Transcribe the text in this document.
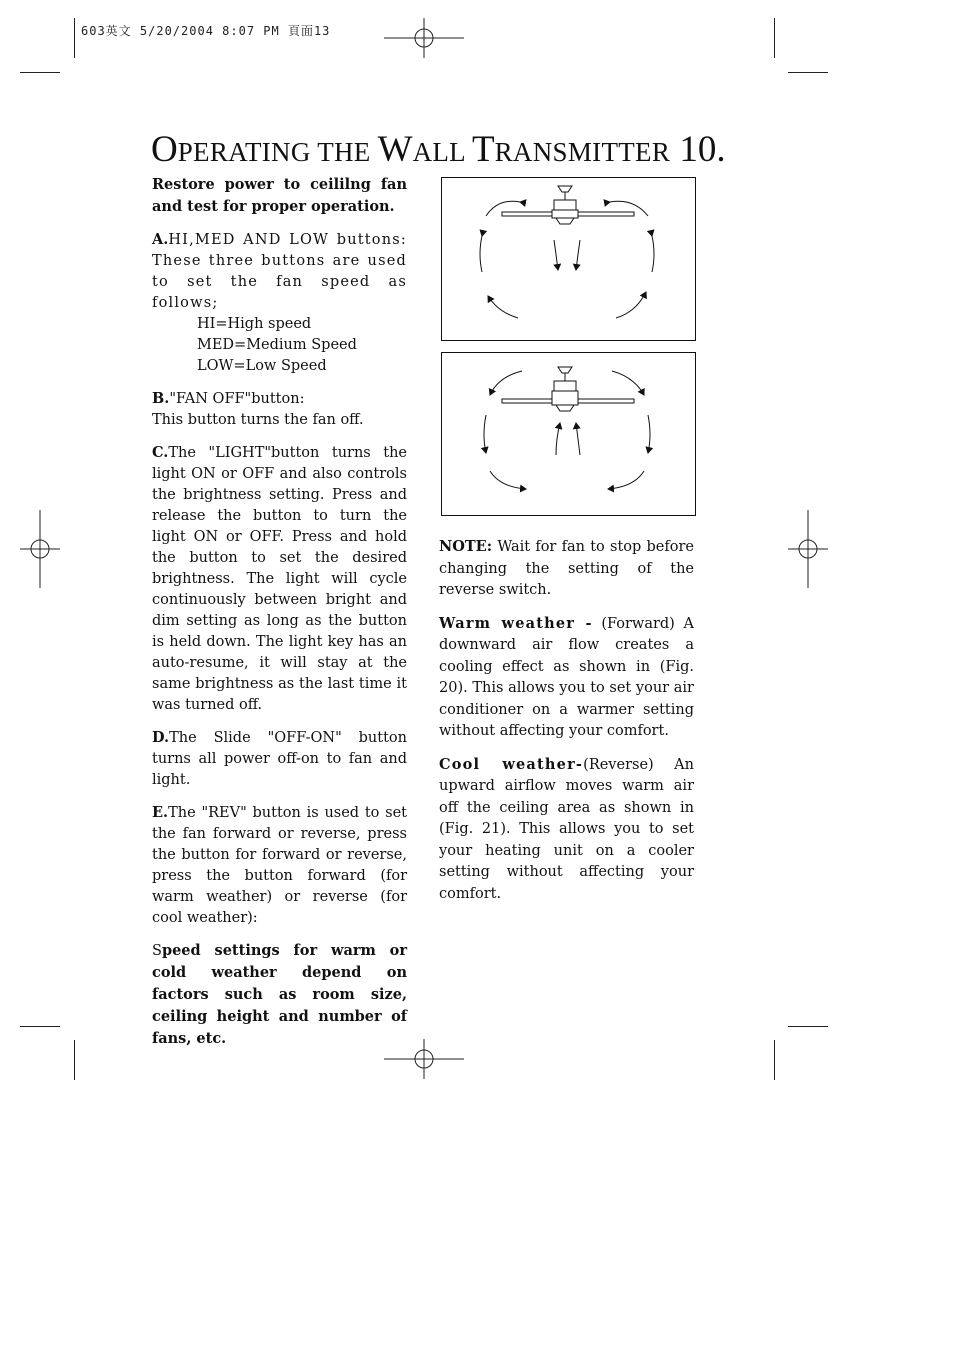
603英文 5/20/2004 8:07 PM 頁面13
OPERATING THE WALL TRANSMITTER 10.

Restore power to ceililng fan and test for proper operation.

A.HI,MED AND LOW buttons: These three buttons are used to set the fan speed as follows;

HI=High speed
MED=Medium Speed
LOW=Low Speed

B."FAN OFF"button:
This button turns the fan off.

C.The "LIGHT"button turns the light ON or OFF and also controls the brightness setting. Press and release the button to turn the light ON or OFF. Press and hold the button to set the desired brightness. The light will cycle continuously between bright and dim setting as long as the button is held down. The light key has an auto-resume, it will stay at the same brightness as the last time it was turned off.

D.The Slide "OFF-ON" button turns all power off-on to fan and light.

E.The "REV" button is used to set the fan forward or reverse, press the button for forward or reverse, press the button forward (for warm weather) or reverse (for cool weather):

Speed settings for warm or cold weather depend on factors such as room size, ceiling height and number of fans, etc.

NOTE: Wait for fan to stop before changing the setting of the reverse switch.

Warm weather - (Forward) A downward air flow creates a cooling effect as shown in (Fig. 20). This allows you to set your air conditioner on a warmer setting without affecting your comfort.

Cool weather-(Reverse) An upward airflow moves warm air off the ceiling area as shown in (Fig. 21). This allows you to set your heating unit on a cooler setting without affecting your comfort.
